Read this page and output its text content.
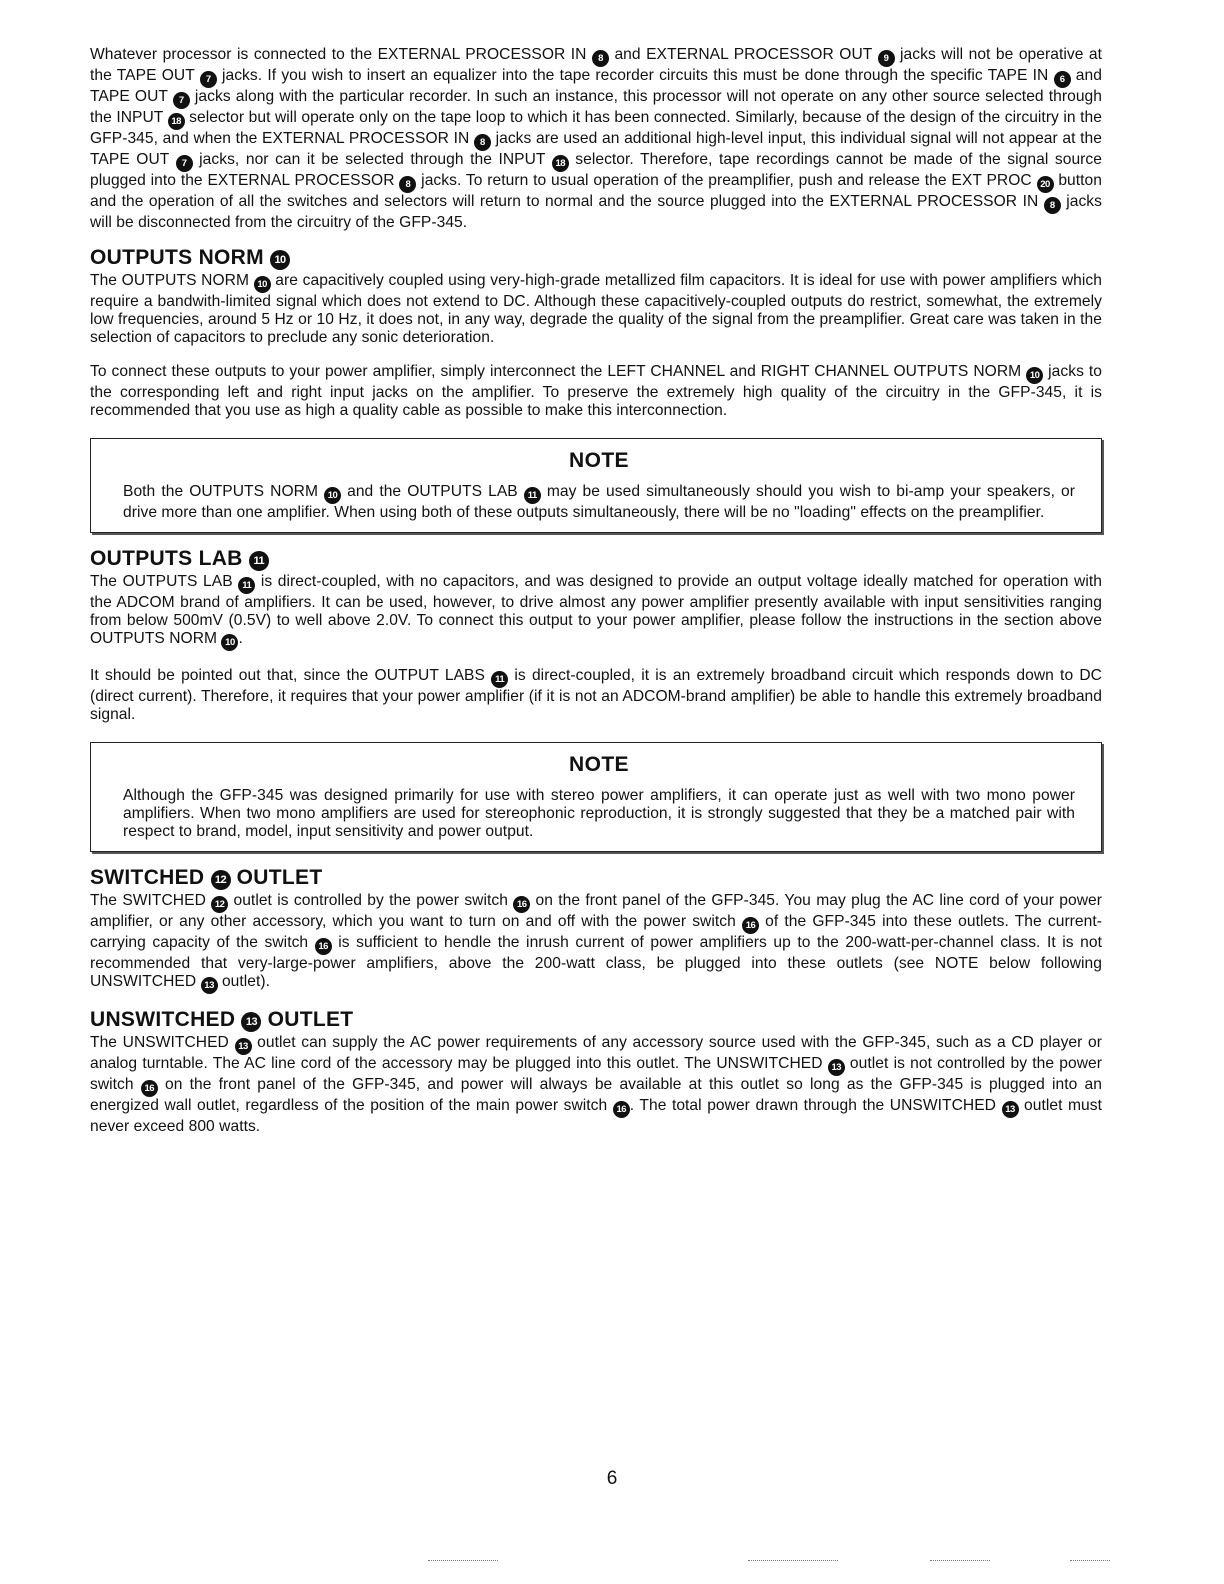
Whatever processor is connected to the EXTERNAL PROCESSOR IN 8 and EXTERNAL PROCESSOR OUT 9 jacks will not be operative at the TAPE OUT 7 jacks. If you wish to insert an equalizer into the tape recorder circuits this must be done through the specific TAPE IN 6 and TAPE OUT 7 jacks along with the particular recorder. In such an instance, this processor will not operate on any other source selected through the INPUT 18 selector but will operate only on the tape loop to which it has been connected. Similarly, because of the design of the circuitry in the GFP-345, and when the EXTERNAL PROCESSOR IN 8 jacks are used an additional high-level input, this individual signal will not appear at the TAPE OUT 7 jacks, nor can it be selected through the INPUT 18 selector. Therefore, tape recordings cannot be made of the signal source plugged into the EXTERNAL PROCESSOR 8 jacks. To return to usual operation of the preamplifier, push and release the EXT PROC 20 button and the operation of all the switches and selectors will return to normal and the source plugged into the EXTERNAL PROCESSOR IN 8 jacks will be disconnected from the circuitry of the GFP-345.

OUTPUTS NORM 10

The OUTPUTS NORM 10 are capacitively coupled using very-high-grade metallized film capacitors. It is ideal for use with power amplifiers which require a bandwith-limited signal which does not extend to DC. Although these capacitively-coupled outputs do restrict, somewhat, the extremely low frequencies, around 5 Hz or 10 Hz, it does not, in any way, degrade the quality of the signal from the preamplifier. Great care was taken in the selection of capacitors to preclude any sonic deterioration.

To connect these outputs to your power amplifier, simply interconnect the LEFT CHANNEL and RIGHT CHANNEL OUTPUTS NORM 10 jacks to the corresponding left and right input jacks on the amplifier. To preserve the extremely high quality of the circuitry in the GFP-345, it is recommended that you use as high a quality cable as possible to make this interconnection.

NOTE

Both the OUTPUTS NORM 10 and the OUTPUTS LAB 11 may be used simultaneously should you wish to bi-amp your speakers, or drive more than one amplifier. When using both of these outputs simultaneously, there will be no "loading" effects on the preamplifier.

OUTPUTS LAB 11

The OUTPUTS LAB 11 is direct-coupled, with no capacitors, and was designed to provide an output voltage ideally matched for operation with the ADCOM brand of amplifiers. It can be used, however, to drive almost any power amplifier presently available with input sensitivities ranging from below 500mV (0.5V) to well above 2.0V. To connect this output to your power amplifier, please follow the instructions in the section above OUTPUTS NORM 10 .

It should be pointed out that, since the OUTPUT LABS 11 is direct-coupled, it is an extremely broadband circuit which responds down to DC (direct current). Therefore, it requires that your power amplifier (if it is not an ADCOM-brand amplifier) be able to handle this extremely broadband signal.

NOTE

Although the GFP-345 was designed primarily for use with stereo power amplifiers, it can operate just as well with two mono power amplifiers. When two mono amplifiers are used for stereophonic reproduction, it is strongly suggested that they be a matched pair with respect to brand, model, input sensitivity and power output.

SWITCHED 12 OUTLET

The SWITCHED 12 outlet is controlled by the power switch 16 on the front panel of the GFP-345. You may plug the AC line cord of your power amplifier, or any other accessory, which you want to turn on and off with the power switch 16 of the GFP-345 into these outlets. The current-carrying capacity of the switch 16 is sufficient to hendle the inrush current of power amplifiers up to the 200-watt-per-channel class. It is not recommended that very-large-power amplifiers, above the 200-watt class, be plugged into these outlets (see NOTE below following UNSWITCHED 13 outlet).

UNSWITCHED 13 OUTLET

The UNSWITCHED 13 outlet can supply the AC power requirements of any accessory source used with the GFP-345, such as a CD player or analog turntable. The AC line cord of the accessory may be plugged into this outlet. The UNSWITCHED 13 outlet is not controlled by the power switch 16 on the front panel of the GFP-345, and power will always be available at this outlet so long as the GFP-345 is plugged into an energized wall outlet, regardless of the position of the main power switch 16 . The total power drawn through the UNSWITCHED 13 outlet must never exceed 800 watts.

6
